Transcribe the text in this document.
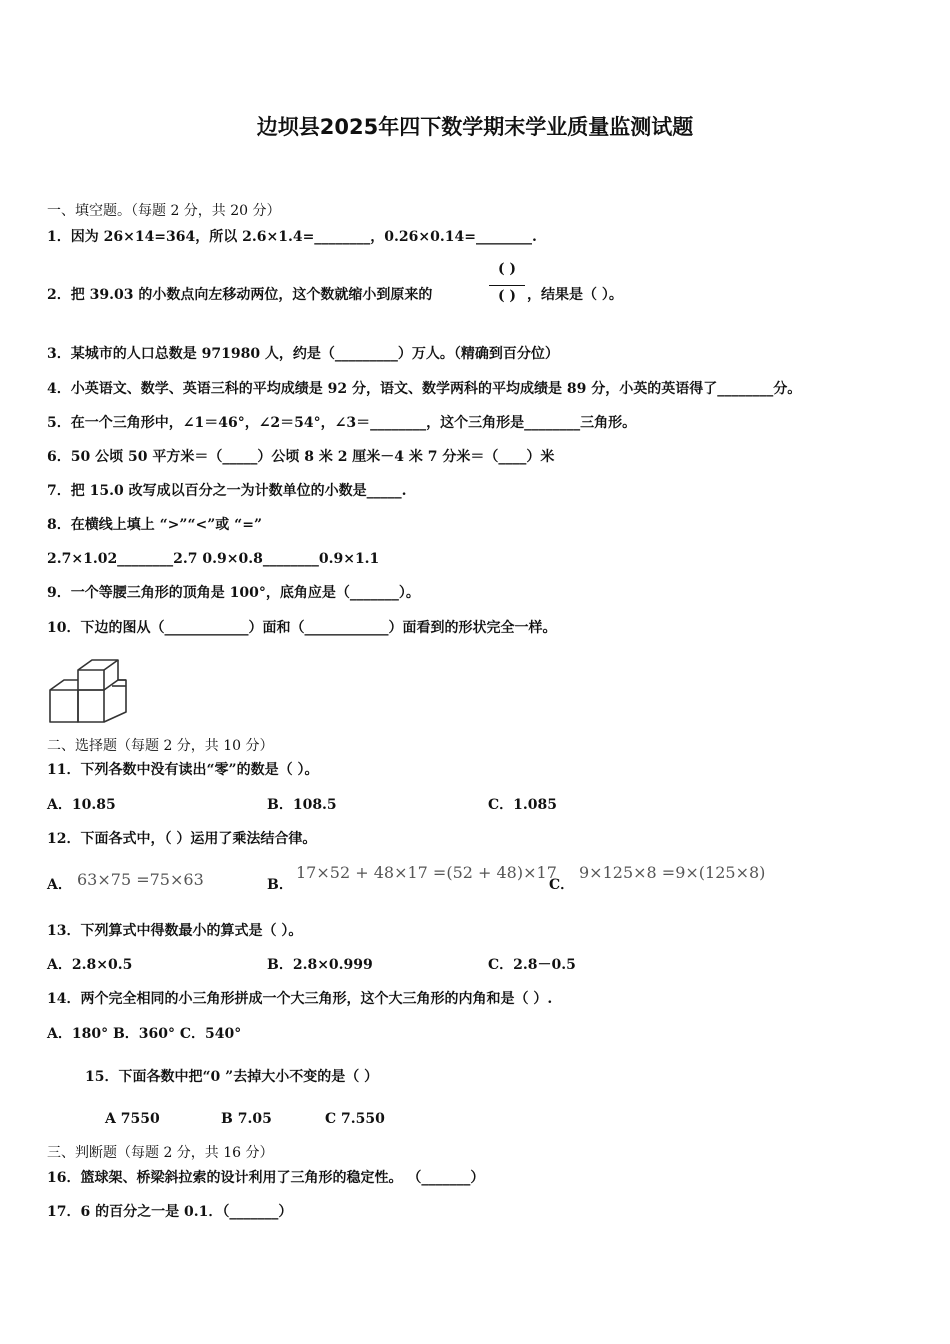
边坝县2025年四下数学期末学业质量监测试题
一、填空题。（每题 2 分，共 20 分）
1．因为 26×14=364，所以 2.6×1.4=________，0.26×0.14=________.
2．把 39.03 的小数点向左移动两位，这个数就缩小到原来的
( )
( ) ，结果是（ ）。
3．某城市的人口总数是 971980 人，约是（_________）万人。（精确到百分位）
4．小英语文、数学、英语三科的平均成绩是 92 分，语文、数学两科的平均成绩是 89 分，小英的英语得了________分。
5．在一个三角形中，∠1＝46°，∠2＝54°，∠3＝________，这个三角形是________三角形。
6．50 公顷 50 平方米＝（_____）公顷 8 米 2 厘米－4 米 7 分米＝（____）米
7．把 15.0 改写成以百分之一为计数单位的小数是_____.
8．在横线上填上 “>”“<”或 “=”
2.7×1.02________2.7 0.9×0.8________0.9×1.1
9．一个等腰三角形的顶角是 100°，底角应是（_______）。
10．下边的图从（____________）面和（____________）面看到的形状完全一样。
二、选择题（每题 2 分，共 10 分）
11．下列各数中没有读出“零”的数是（ ）。
A．10.85	B．108.5	C．1.085
12．下面各式中，（ ）运用了乘法结合律。
A． 63×75 =75×63	B．
17×52 + 48×17 =(52 + 48)×17
C．
9×125×8 =9×(125×8)
13．下列算式中得数最小的算式是（ ）。
A．2.8×0.5	B．2.8×0.999	C．2.8－0.5
14．两个完全相同的小三角形拼成一个大三角形，这个大三角形的内角和是（ ）.
A．180° B．360° C．540°
15．下面各数中把“0 ”去掉大小不变的是（ ）
A 7550	B 7.05	C 7.550
三、判断题（每题 2 分，共 16 分）
16．篮球架、桥梁斜拉索的设计利用了三角形的稳定性。 （_______）
17．6 的百分之一是 0.1．（_______）
